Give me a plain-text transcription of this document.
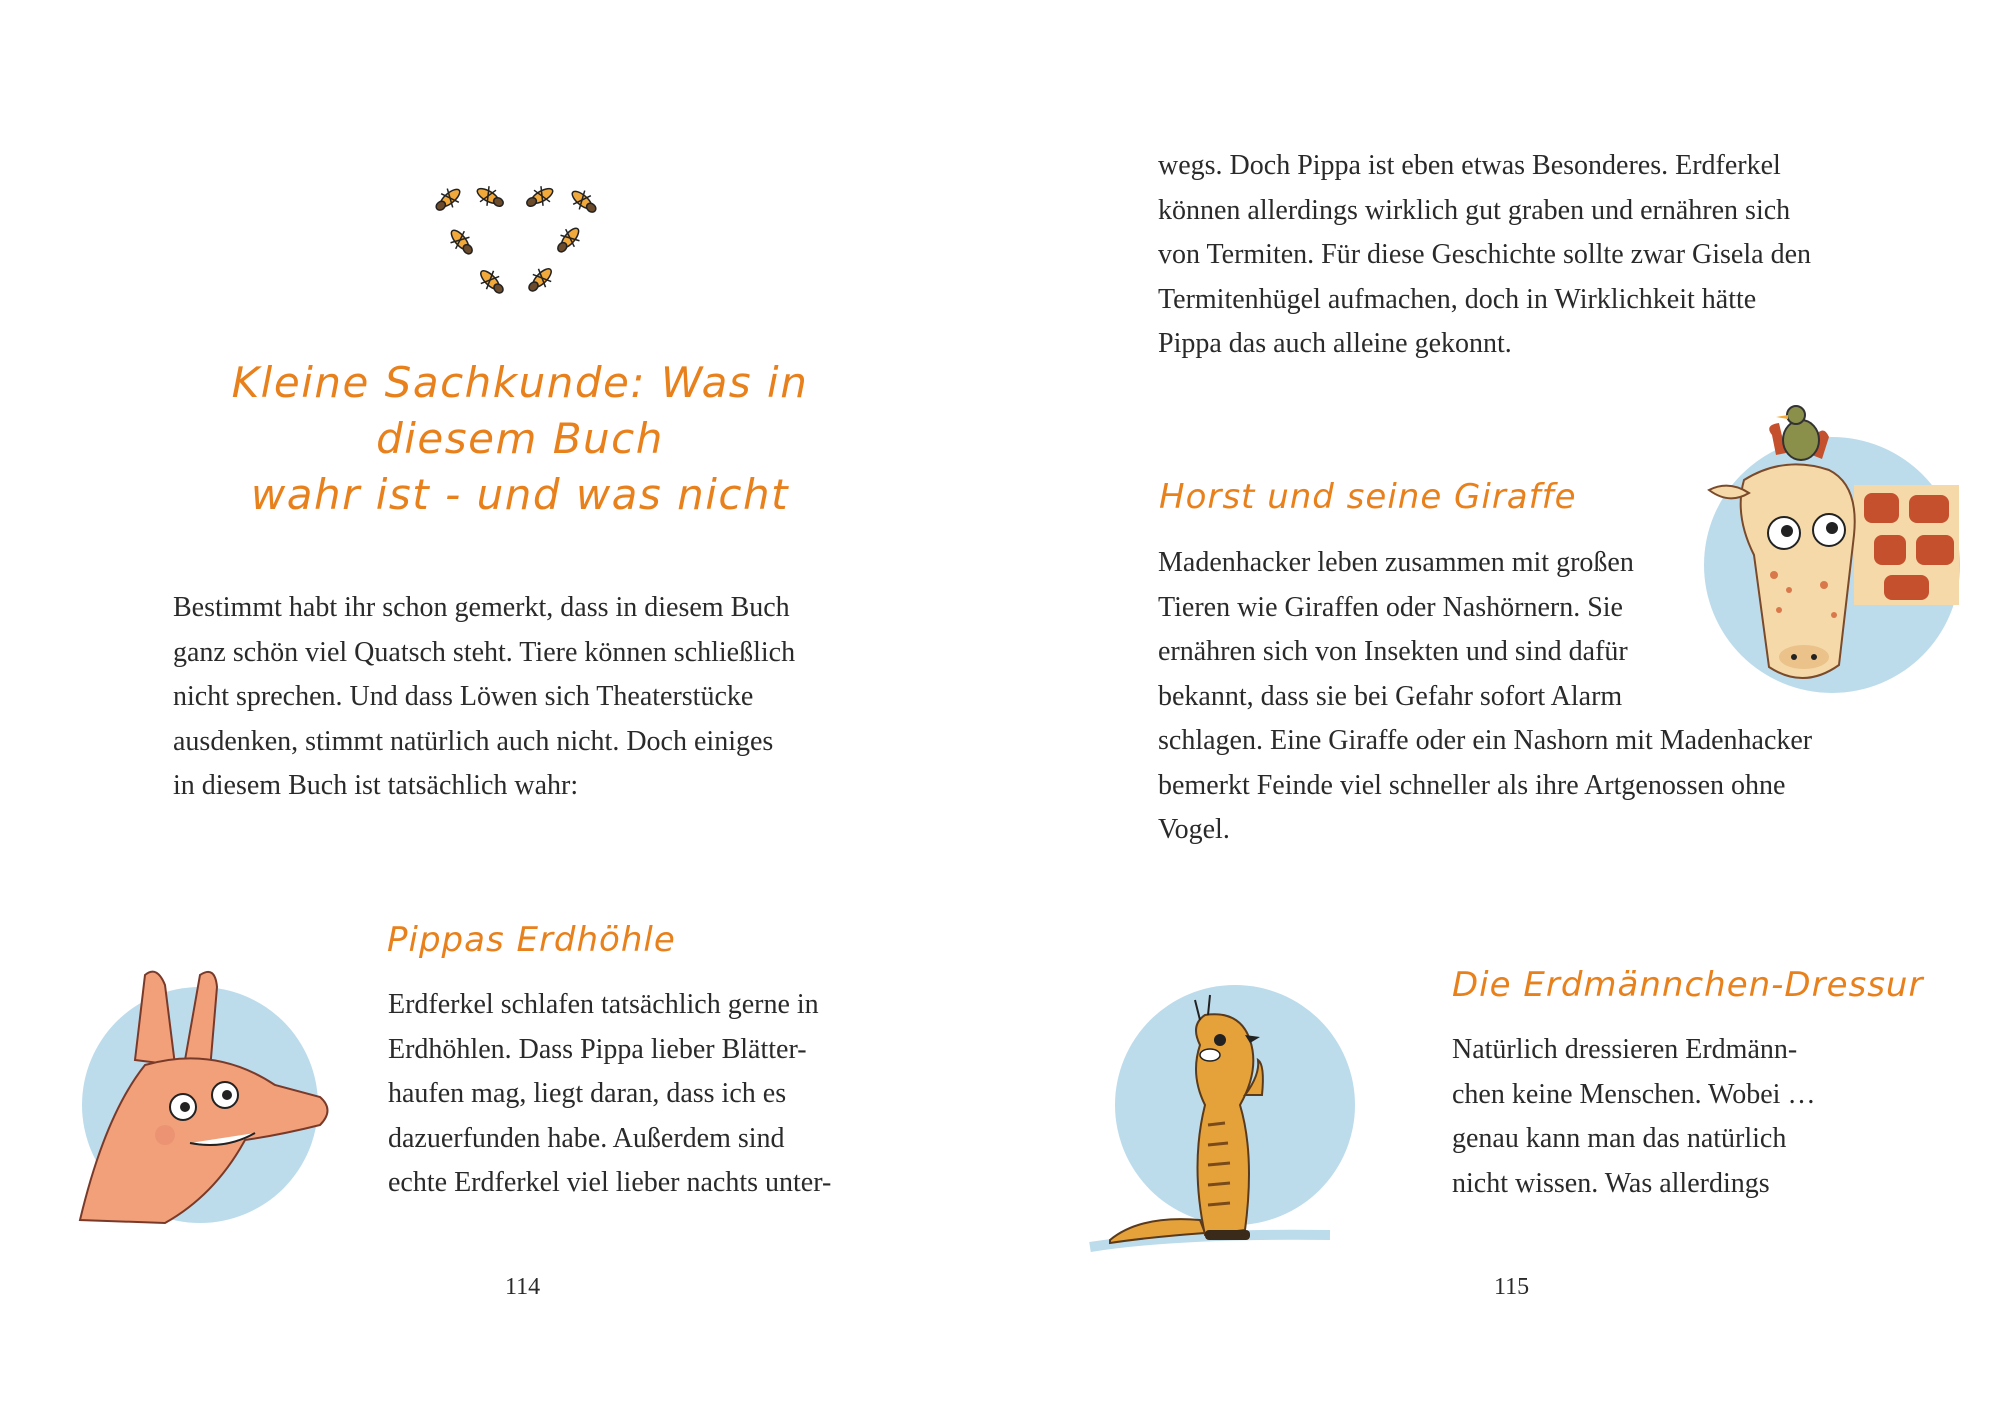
Kleine Sachkunde: Was in diesem Buch
wahr ist - und was nicht
Bestimmt habt ihr schon gemerkt, dass in diesem Buch
ganz schön viel Quatsch steht. Tiere können schließlich
nicht sprechen. Und dass Löwen sich Theaterstücke
ausdenken, stimmt natürlich auch nicht. Doch einiges
in diesem Buch ist tatsächlich wahr:
Pippas Erdhöhle
Erdferkel schlafen tatsächlich gerne in
Erdhöhlen. Dass Pippa lieber Blätter-
haufen mag, liegt daran, dass ich es
dazuerfunden habe. Außerdem sind
echte Erdferkel viel lieber nachts unter-
114
wegs. Doch Pippa ist eben etwas Besonderes. Erdferkel
können allerdings wirklich gut graben und ernähren sich
von Termiten. Für diese Geschichte sollte zwar Gisela den
Termitenhügel aufmachen, doch in Wirklichkeit hätte
Pippa das auch alleine gekonnt.
Horst und seine Giraffe
Madenhacker leben zusammen mit großen
Tieren wie Giraffen oder Nashörnern. Sie
ernähren sich von Insekten und sind dafür
bekannt, dass sie bei Gefahr sofort Alarm
schlagen. Eine Giraffe oder ein Nashorn mit Madenhacker
bemerkt Feinde viel schneller als ihre Artgenossen ohne
Vogel.
Die Erdmännchen-Dressur
Natürlich dressieren Erdmänn-
chen keine Menschen. Wobei …
genau kann man das natürlich
nicht wissen. Was allerdings
115
